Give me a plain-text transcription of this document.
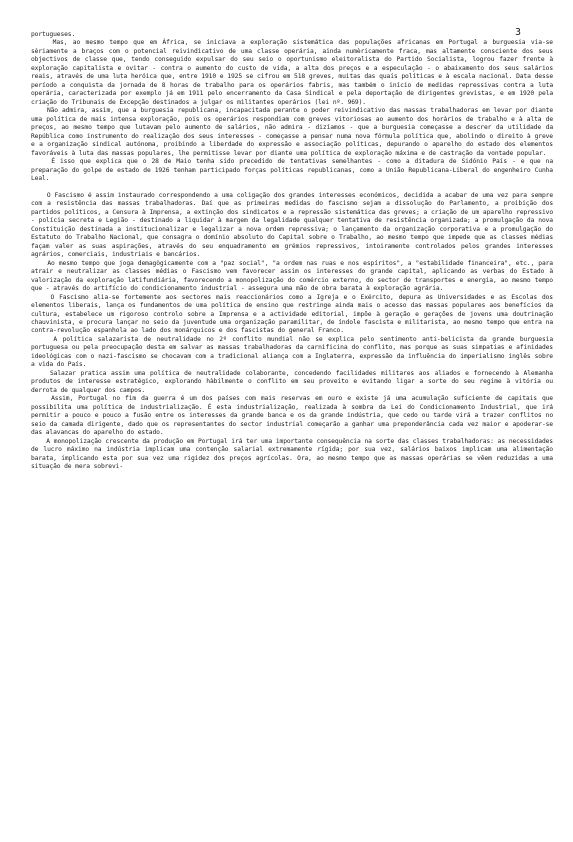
3

portugueses.

Mas, ao mesmo tempo que em África, se iniciava a exploração sistemática das populações africanas em Portugal a burguesia via-se sèriamente a braços com o potencial reivindicativo de uma classe operária, ainda numèricamente fraca, mas altamente consciente dos seus objectivos de classe que, tendo conseguido expulsar do seu seio o oportunismo eleitoralista do Partido Socialista, logrou fazer frente à exploração capitalista e ovitar - contra o aumento do custo de vida, a alta dos preços e a especulação - o abaixamento dos seus salários reais, através de uma luta heróica que, entre 1910 e 1925 se cifrou em 518 greves, muitas das quais políticas e à escala nacional. Data desse período a conquista da jornada de 8 horas de trabalho para os operários fabris, mas também o início de medidas repressivas contra a luta operária, caracterizada por exemplo já em 1911 pelo encerramento da Casa Sindical e pela deportação de dirigentes grevistas, e em 1920 pela criação do Tribunais de Excepção destinados a julgar os militantes operários (lei nº. 969).

Não admira, assim, que a burguesia republicana, incapacitada perante o poder reivindicativo das massas trabalhadoras em levar por diante uma política de mais intensa exploração, pois os operários respondiam com greves vitoriosas ao aumento dos horários de trabalho e à alta de preços, ao mesmo tempo que lutavam pelo aumento de salários, não admira - dizíamos - que a burguesia começasse a descrer da utilidade da República como instrumento do realização dos seus interesses - começasse a pensar numa nova fórmula política que, abolindo o direito à greve e a organização sindical autónoma, proibindo a liberdade do expressão e associação políticas, depurando o aparelho do estado dos elementos favoráveis à luta das massas populares, lhe permitisse levar por diante uma política de exploração máxima e de castração da vontade popular.

É isso que explica que o 28 de Maio tenha sido precedido de tentativas semelhantes - como a ditadura de Sidónio Pais - e que na preparação do golpe de estado de 1926 tenham participado forças políticas republicanas, como a União Republicana-Liberal do engenheiro Cunha Leal.

O Fascismo é assim instaurado correspondendo a uma coligação dos grandes interesses económicos, decidida a acabar de uma vez para sempre com a resistência das massas trabalhadoras. Daí que as primeiras medidas do fascismo sejam a dissolução do Parlamento, a proibição dos partidos políticos, a Censura à Imprensa, a extinção dos sindicatos e a repressão sistemática das greves; a criação de um aparelho repressivo - polícia secreta e Legião - destinado a liquidar à margem da legalidade qualquer tentativa de resistência organizada; a promulgação da nova Constituição destinada a institucionalizar e legalizar a nova ordem repressiva; o lançamento da organização corporativa e a promulgação do Estatuto do Trabalho Nacional, que consagra o domínio absoluto do Capital sobre o Trabalho, ao mesmo tempo que impede que as classes médias façam valer as suas aspirações, através do seu enquadramento em grémios repressivos, intoiramente controlados pelos grandes interesses agrários, comerciais, industriais e bancários.

Ao mesmo tempo que joga demagògicamente com a "paz social", "a ordem nas ruas e nos espíritos", a "estabilidade financeira", etc., para atrair e neutralizar as classes médias o Fascismo vem favorecer assim os interesses do grande capital, aplicando as verbas do Estado à valorização da exploração latifundiária, favorecendo a monopolização do comércio externo, do sector de transportes e energia, ao mesmo tempo que - através do artifício do condicionamento industrial - assegura uma mão de obra barata à exploração agrária.

O Fascismo alia-se fortemente aos sectores mais reaccionários como a Igreja e o Exército, depura as Universidades e as Escolas dos elementos liberais, lança os fundamentos de uma política de ensino que restringe ainda mais o acesso das massas populares aos benefícios da cultura, estabelece um rigoroso controlo sobre a Imprensa e a actividade editorial, impõe à geração e gerações de jovens uma doutrinação chauvinista, e procura lançar no seio da juventude uma organização paramilitar, de índole fascista e militarista, ao mesmo tempo que entra na contra-revolução espanhola ao lado dos monárquicos e dos fascistas do general Franco.

A política salazarista de neutralidade no 2º conflito mundial não se explica pelo sentimento anti-belicista da grande burguesia portuguesa ou pela preocupação desta em salvar as massas trabalhadoras da carnificina do conflito, mas porque as suas simpatias e afinidades ideológicas com o nazi-fascismo se chocavam com a tradicional aliança com a Inglaterra, expressão da influência do imperialismo inglês sobre a vida do País.

Salazar pratica assim uma política de neutralidade colaborante, concedendo facilidades militares aos aliados e fornecendo à Alemanha produtos de interesse estratégico, explorando hàbilmente o conflito em seu proveito e evitando ligar a sorte do seu regime à vitória ou derrota de qualquer dos campos.

Assim, Portugal no fim da guerra é um dos países com mais reservas em ouro e existe já uma acumulação suficiente de capitais que possibilita uma política de industrialização. É esta industrialização, realizada à sombra da Lei do Condicionamento Industrial, que irá permitir a pouco e pouco a fusão entre os interesses da grande banca e os da grande indústria, que cedo ou tarde virá a trazer conflitos no seio da camada dirigente, dado que os representantes do sector industrial começarão a ganhar uma preponderância cada vez maior e apoderar-se das alavancas do aparelho do estado.

A monopolização crescente da produção em Portugal irá ter uma importante consequência na sorte das classes trabalhadoras: as necessidades de lucro máximo na indústria implicam uma contenção salarial extremamente rígida; por sua vez, salários baixos implicam uma alimentação barata, implicando esta por sua vez uma rigidez dos preços agrícolas. Ora, ao mesmo tempo que as massas operárias se vêem reduzidas a uma situação de mera sobrevi-
